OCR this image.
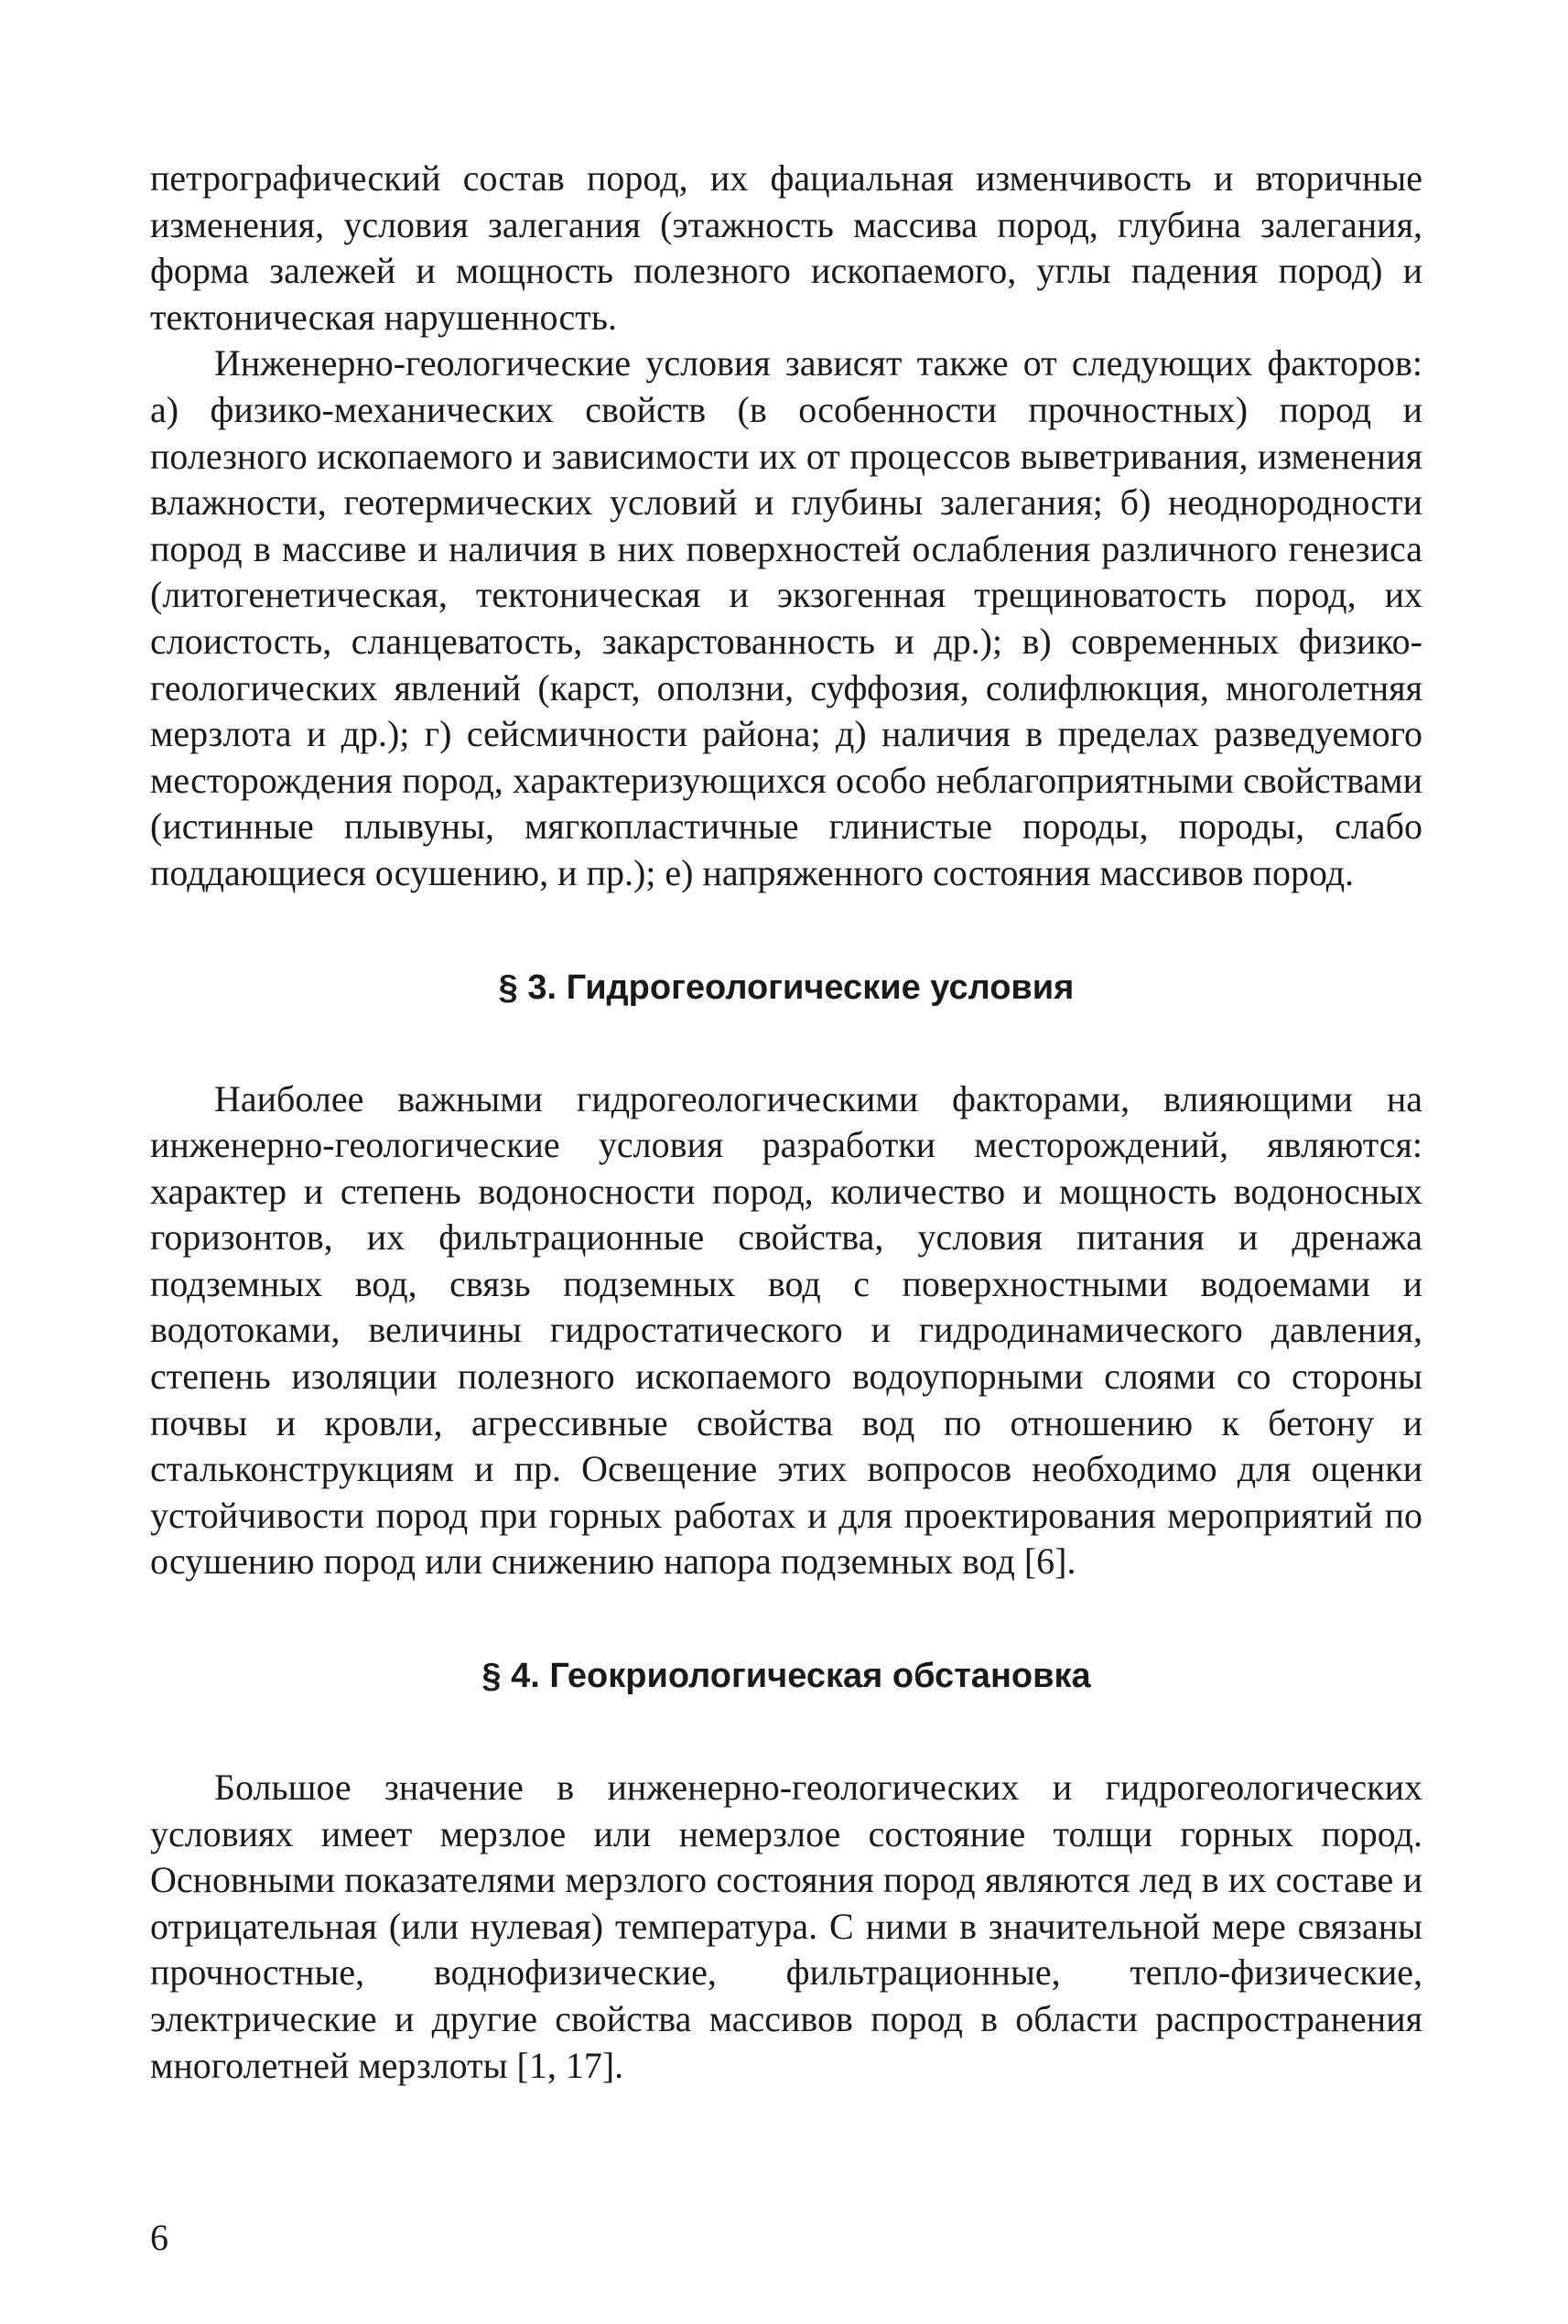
петрографический состав пород, их фациальная изменчивость и вторичные изменения, условия залегания (этажность массива пород, глубина залегания, форма залежей и мощность полезного ископаемого, углы падения пород) и тектоническая нарушенность.

Инженерно-геологические условия зависят также от следующих факторов: а) физико-механических свойств (в особенности прочностных) пород и полезного ископаемого и зависимости их от процессов выветривания, изменения влажности, геотермических условий и глубины залегания; б) неоднородности пород в массиве и наличия в них поверхностей ослабления различного генезиса (литогенетическая, тектоническая и экзогенная трещиноватость пород, их слоистость, сланцеватость, закарстованность и др.); в) современных физико-геологических явлений (карст, оползни, суффозия, солифлюкция, многолетняя мерзлота и др.); г) сейсмичности района; д) наличия в пределах разведуемого месторождения пород, характеризующихся особо неблагоприятными свойствами (истинные плывуны, мягкопластичные глинистые породы, породы, слабо поддающиеся осушению, и пр.); е) напряженного состояния массивов пород.

§ 3. Гидрогеологические условия

Наиболее важными гидрогеологическими факторами, влияющими на инженерно-геологические условия разработки месторождений, являются: характер и степень водоносности пород, количество и мощность водоносных горизонтов, их фильтрационные свойства, условия питания и дренажа подземных вод, связь подземных вод с поверхностными водоемами и водотоками, величины гидростатического и гидродинамического давления, степень изоляции полезного ископаемого водоупорными слоями со стороны почвы и кровли, агрессивные свойства вод по отношению к бетону и стальконструкциям и пр. Освещение этих вопросов необходимо для оценки устойчивости пород при горных работах и для проектирования мероприятий по осушению пород или снижению напора подземных вод [6].

§ 4. Геокриологическая обстановка

Большое значение в инженерно-геологических и гидрогеологических условиях имеет мерзлое или немерзлое состояние толщи горных пород. Основными показателями мерзлого состояния пород являются лед в их составе и отрицательная (или нулевая) температура. С ними в значительной мере связаны прочностные, воднофизические, фильтрационные, тепло-физические, электрические и другие свойства массивов пород в области распространения многолетней мерзлоты [1, 17].

6
